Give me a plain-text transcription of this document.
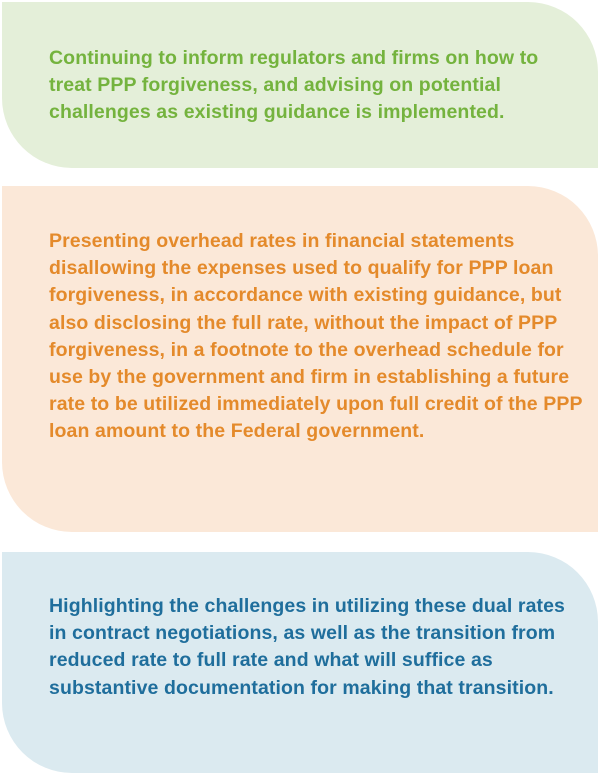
Continuing to inform regulators and firms on how to treat PPP forgiveness, and advising on potential challenges as existing guidance is implemented.

Presenting overhead rates in financial statements disallowing the expenses used to qualify for PPP loan forgiveness, in accordance with existing guidance, but also disclosing the full rate, without the impact of PPP forgiveness, in a footnote to the overhead schedule for use by the government and firm in establishing a future rate to be utilized immediately upon full credit of the PPP loan amount to the Federal government.

Highlighting the challenges in utilizing these dual rates in contract negotiations, as well as the transition from reduced rate to full rate and what will suffice as substantive documentation for making that transition.
